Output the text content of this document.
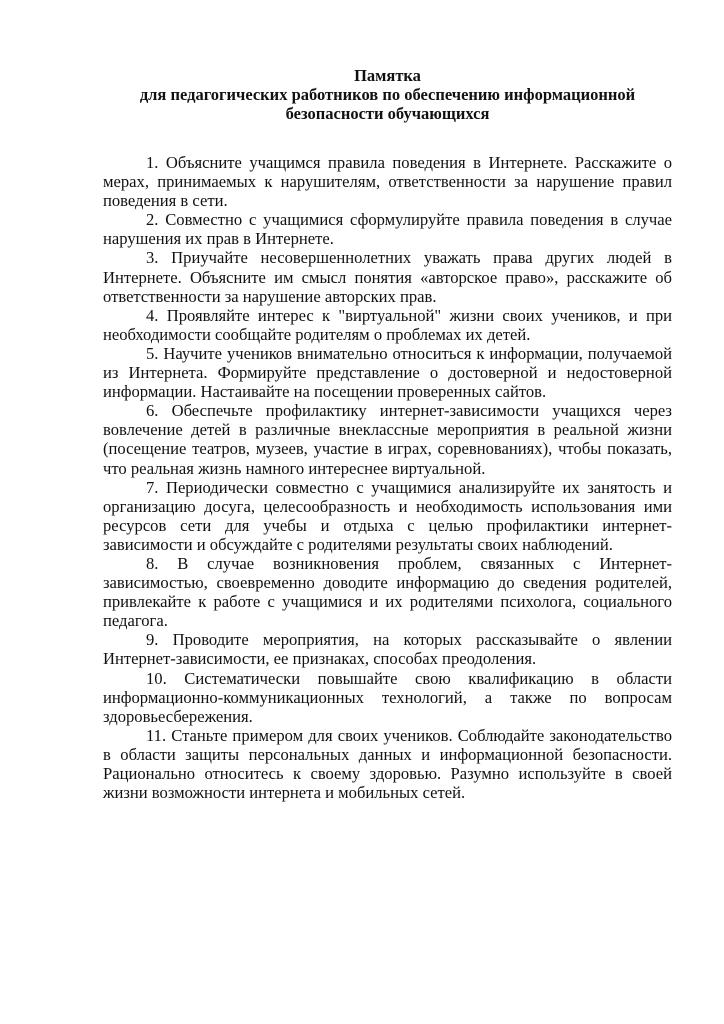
Памятка
для педагогических работников по обеспечению информационной
безопасности обучающихся

1. Объясните учащимся правила поведения в Интернете. Расскажите о мерах, принимаемых к нарушителям, ответственности за нарушение правил поведения в сети.

2. Совместно с учащимися сформулируйте правила поведения в случае нарушения их прав в Интернете.

3. Приучайте несовершеннолетних уважать права других людей в Интернете. Объясните им смысл понятия «авторское право», расскажите об ответственности за нарушение авторских прав.

4. Проявляйте интерес к "виртуальной" жизни своих учеников, и при необходимости сообщайте родителям о проблемах их детей.

5. Научите учеников внимательно относиться к информации, получаемой из Интернета. Формируйте представление о достоверной и недостоверной информации. Настаивайте на посещении проверенных сайтов.

6. Обеспечьте профилактику интернет-зависимости учащихся через вовлечение детей в различные внеклассные мероприятия в реальной жизни (посещение театров, музеев, участие в играх, соревнованиях), чтобы показать, что реальная жизнь намного интереснее виртуальной.

7. Периодически совместно с учащимися анализируйте их занятость и организацию досуга, целесообразность и необходимость использования ими ресурсов сети для учебы и отдыха с целью профилактики интернет-зависимости и обсуждайте с родителями результаты своих наблюдений.

8. В случае возникновения проблем, связанных с Интернет-зависимостью, своевременно доводите информацию до сведения родителей, привлекайте к работе с учащимися и их родителями психолога, социального педагога.

9. Проводите мероприятия, на которых рассказывайте о явлении Интернет-зависимости, ее признаках, способах преодоления.

10. Систематически повышайте свою квалификацию в области информационно-коммуникационных технологий, а также по вопросам здоровьесбережения.

11. Станьте примером для своих учеников. Соблюдайте законодательство в области защиты персональных данных и информационной безопасности. Рационально относитесь к своему здоровью. Разумно используйте в своей жизни возможности интернета и мобильных сетей.
